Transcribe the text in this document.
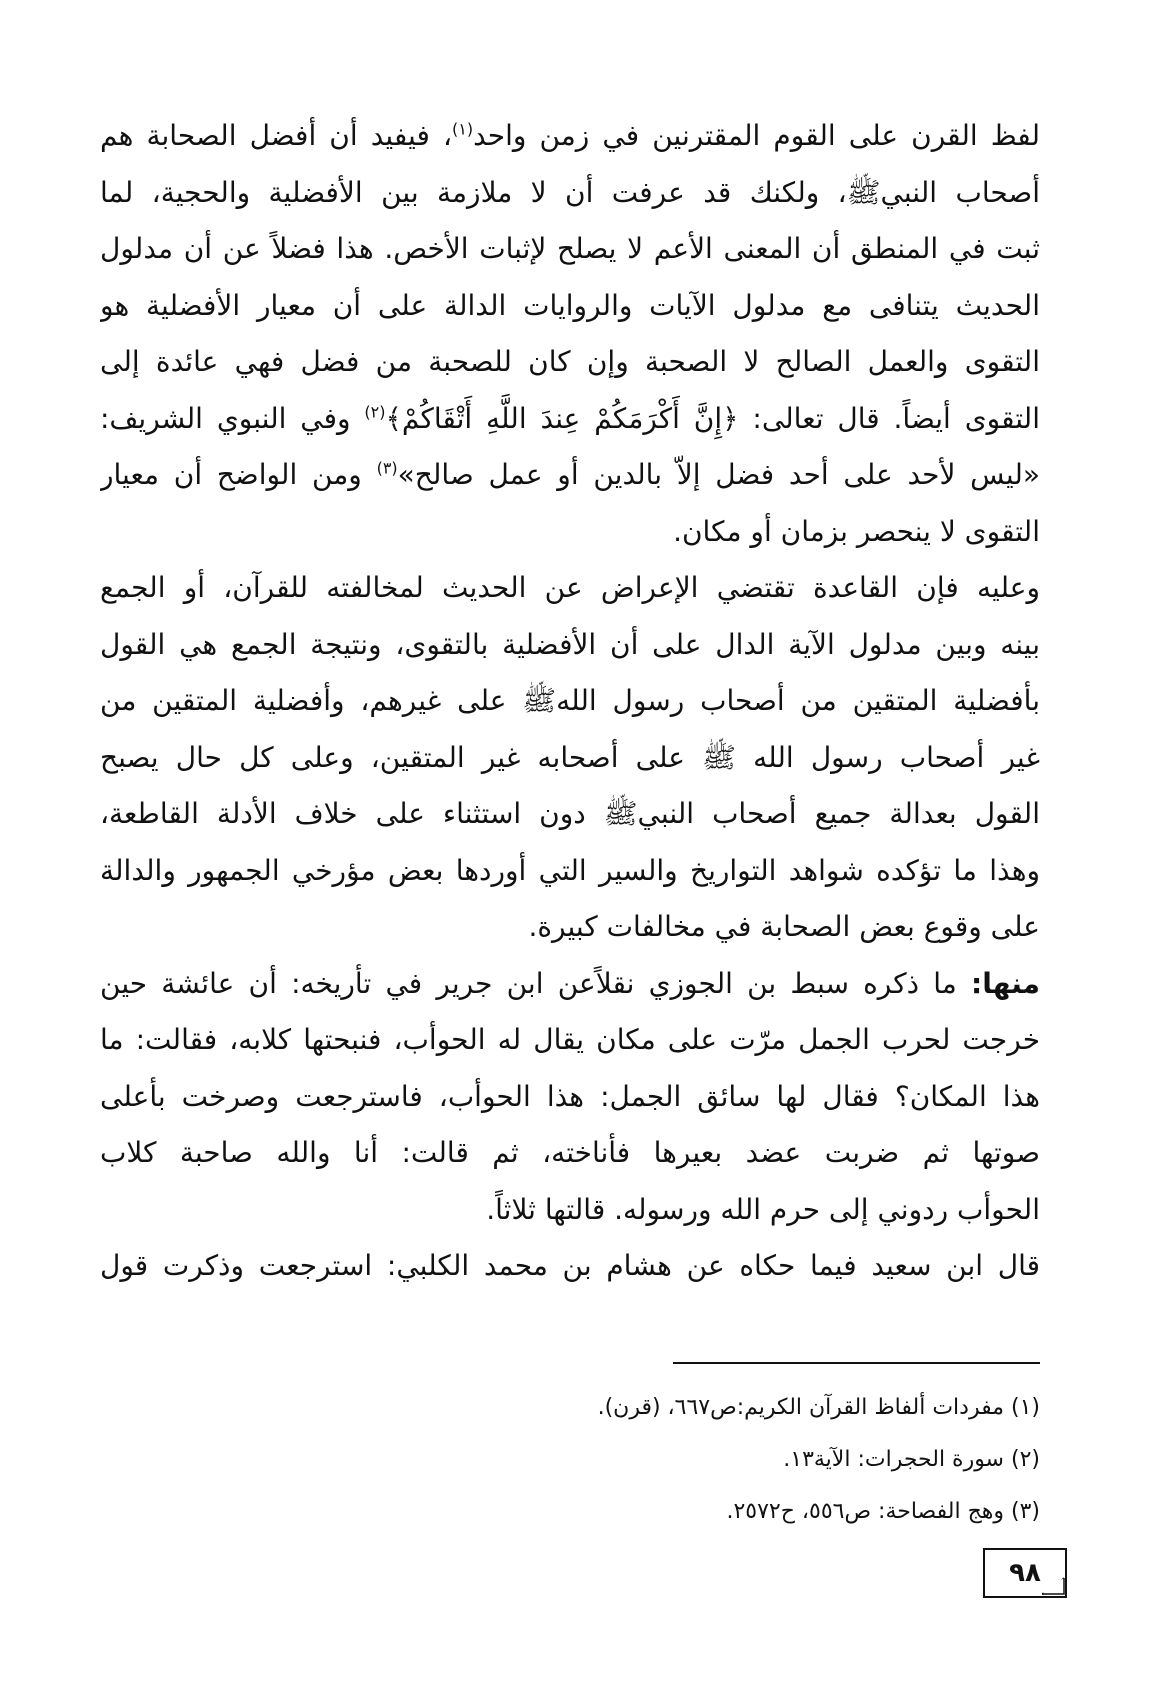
لفظ القرن على القوم المقترنين في زمن واحد$^{(١)}$، فيفيد أن أفضل الصحابة هم
أصحاب النبيﷺ، ولكنك قد عرفت أن لا ملازمة بين الأفضلية والحجية، لما
ثبت في المنطق أن المعنى الأعم لا يصلح لإثبات الأخص. هذا فضلاً عن أن مدلول
الحديث يتنافى مع مدلول الآيات والروايات الدالة على أن معيار الأفضلية هو
التقوى والعمل الصالح لا الصحبة وإن كان للصحبة من فضل فهي عائدة إلى
التقوى أيضاً. قال تعالى: ﴿إِنَّ أَكْرَمَكُمْ عِندَ اللَّهِ أَتْقَاكُمْ﴾$^{(٢)}$ وفي النبوي الشريف:
«ليس لأحد على أحد فضل إلاّ بالدين أو عمل صالح»$^{(٣)}$ ومن الواضح أن معيار
التقوى لا ينحصر بزمان أو مكان.
وعليه فإن القاعدة تقتضي الإعراض عن الحديث لمخالفته للقرآن، أو الجمع
بينه وبين مدلول الآية الدال على أن الأفضلية بالتقوى، ونتيجة الجمع هي القول
بأفضلية المتقين من أصحاب رسول اللهﷺ على غيرهم، وأفضلية المتقين من
غير أصحاب رسول الله ﷺ على أصحابه غير المتقين، وعلى كل حال يصبح
القول بعدالة جميع أصحاب النبيﷺ دون استثناء على خلاف الأدلة القاطعة،
وهذا ما تؤكده شواهد التواريخ والسير التي أوردها بعض مؤرخي الجمهور والدالة
على وقوع بعض الصحابة في مخالفات كبيرة.
منها: ما ذكره سبط بن الجوزي نقلاًعن ابن جرير في تأريخه: أن عائشة حين
خرجت لحرب الجمل مرّت على مكان يقال له الحوأب، فنبحتها كلابه، فقالت: ما
هذا المكان؟ فقال لها سائق الجمل: هذا الحوأب، فاسترجعت وصرخت بأعلى
صوتها ثم ضربت عضد بعيرها فأناخته، ثم قالت: أنا والله صاحبة كلاب
الحوأب ردوني إلى حرم الله ورسوله. قالتها ثلاثاً.
قال ابن سعيد فيما حكاه عن هشام بن محمد الكلبي: استرجعت وذكرت قول
(١) مفردات ألفاظ القرآن الكريم:ص٦٦٧، (قرن).
(٢) سورة الحجرات: الآية١٣.
(٣) وهج الفصاحة: ص٥٥٦، ح٢٥٧٢.
٩٨
